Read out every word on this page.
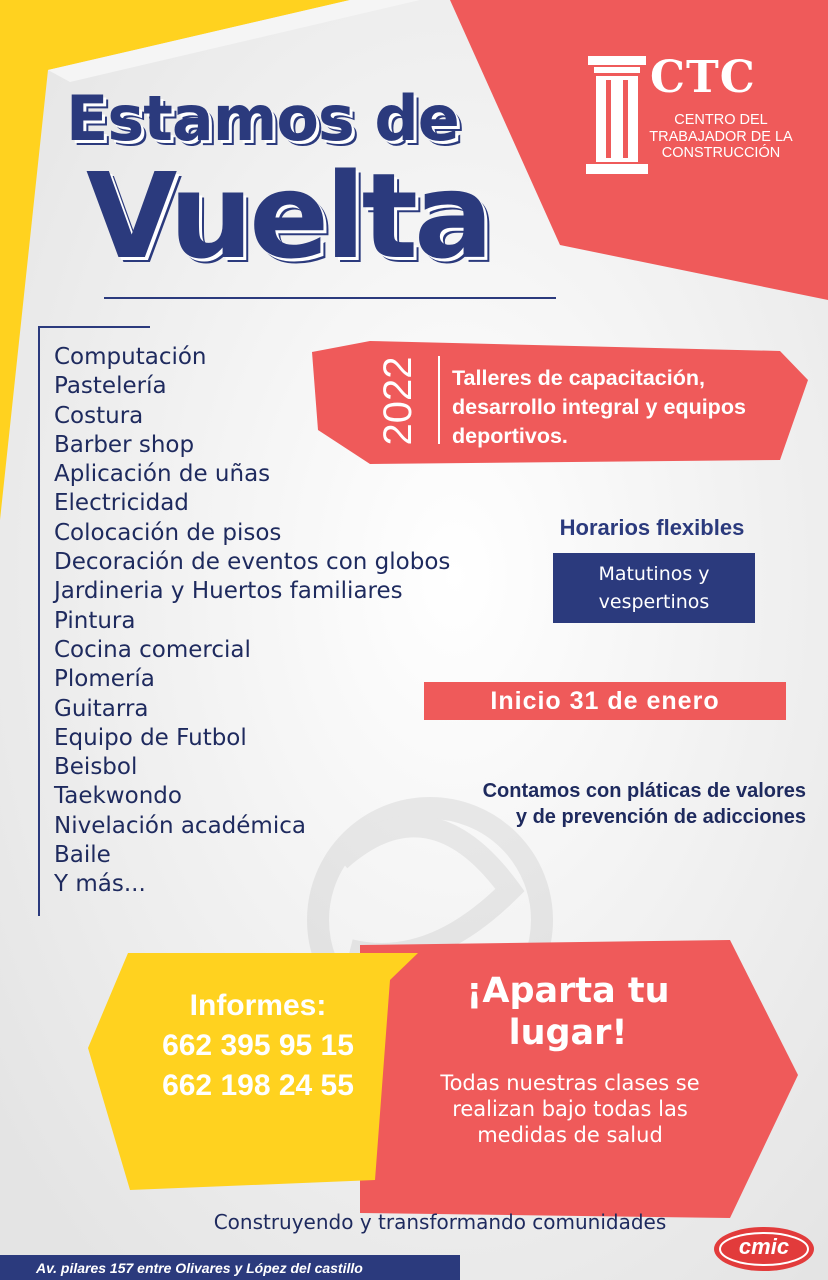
CTC
CENTRO DEL TRABAJADOR DE LA CONSTRUCCIÓN
Estamos de
Vuelta
Computación
Pastelería
Costura
Barber shop
Aplicación de uñas
Electricidad
Colocación de pisos
Decoración de eventos con globos
Jardineria y Huertos familiares
Pintura
Cocina comercial
Plomería
Guitarra
Equipo de Futbol
Beisbol
Taekwondo
Nivelación académica
Baile
Y más...
2022 Talleres de capacitación, desarrollo integral y equipos deportivos.
Horarios flexibles
Matutinos y vespertinos
Inicio 31 de enero
Contamos con pláticas de valores y de prevención de adicciones
Informes:
662 395 95 15
662 198 24 55
¡Aparta tu lugar!
Todas nuestras clases se realizan bajo todas las medidas de salud
Construyendo y transformando comunidades
Av. pilares 157 entre Olivares y López del castillo
cmic
